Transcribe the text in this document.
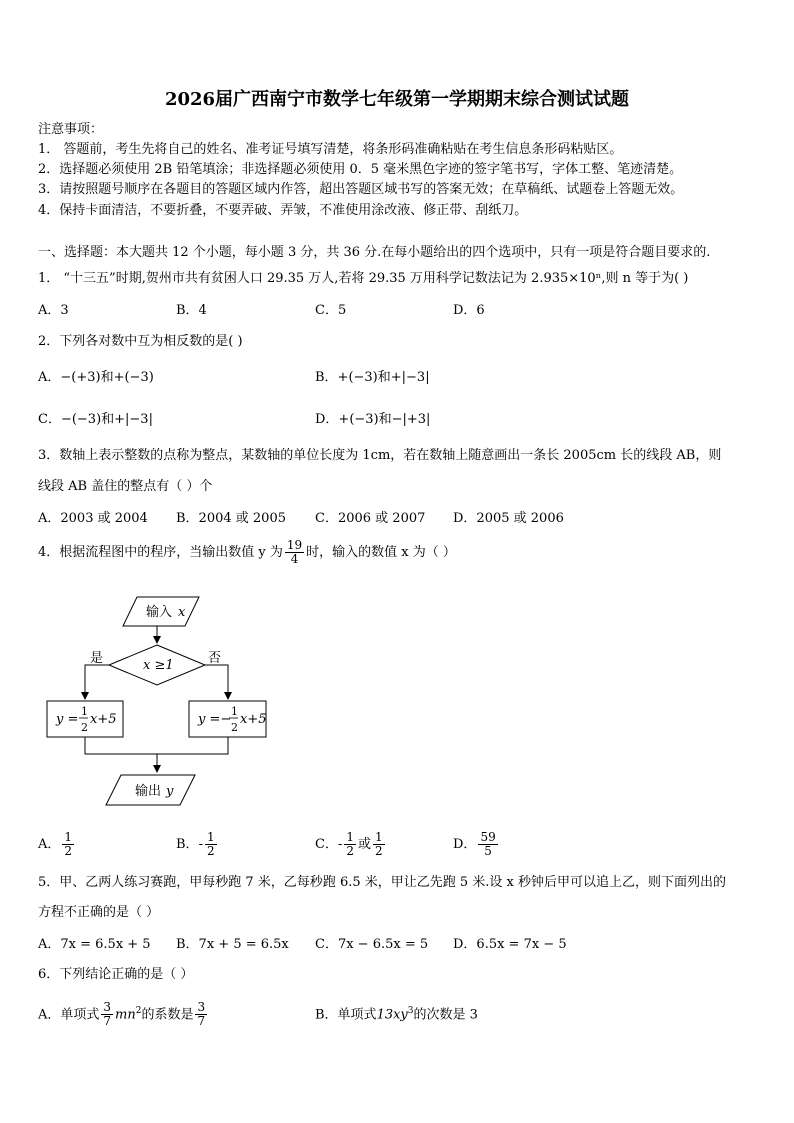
2026届广西南宁市数学七年级第一学期期末综合测试试题
注意事项：
1． 答题前，考生先将自己的姓名、准考证号填写清楚，将条形码准确粘贴在考生信息条形码粘贴区。
2．选择题必须使用 2B 铅笔填涂；非选择题必须使用 0．5 毫米黑色字迹的签字笔书写，字体工整、笔迹清楚。
3．请按照题号顺序在各题目的答题区域内作答，超出答题区域书写的答案无效；在草稿纸、试题卷上答题无效。
4．保持卡面清洁，不要折叠，不要弄破、弄皱，不准使用涂改液、修正带、刮纸刀。
一、选择题：本大题共 12 个小题，每小题 3 分，共 36 分.在每小题给出的四个选项中，只有一项是符合题目要求的.
1． “十三五”时期,贺州市共有贫困人口 29.35 万人,若将 29.35 万用科学记数法记为 2.935×10ⁿ,则 n 等于为( )
A．3	B．4	C．5	D．6
2．下列各对数中互为相反数的是( )
A．−(+3)和+(−3)	B．+(−3)和+|−3|
C．−(−3)和+|−3|	D．+(−3)和−|+3|
3．数轴上表示整数的点称为整点，某数轴的单位长度为 1cm，若在数轴上随意画出一条长 2005cm 长的线段 AB，则
线段 AB 盖住的整点有（ ）个
A．2003 或 2004 B．2004 或 2005 C．2006 或 2007 D．2005 或 2006
4．根据流程图中的程序，当输出数值 y 为 $\frac{19}{4}$ 时，输入的数值 x 为（ ）
输入 x
x ≥1
是	否
y =
1
2
x+5	y =−
1
2
x+5
输出 y
A． $\frac{1}{2}$	B．- $\frac{1}{2}$	C．- $\frac{1}{2}$ 或 $\frac{1}{2}$	D． $\frac{59}{5}$
5．甲、乙两人练习赛跑，甲每秒跑 7 米，乙每秒跑 6.5 米，甲让乙先跑 5 米.设 x 秒钟后甲可以追上乙，则下面列出的
方程不正确的是（ ）
A．7x = 6.5x + 5 B．7x + 5 = 6.5x C．7x − 6.5x = 5 D．6.5x = 7x − 5
6．下列结论正确的是（ ）
A．单项式 $\frac{3}{7} mn^2$的系数是 $\frac{3}{7}$	B．单项式$13xy^3$的次数是 3
